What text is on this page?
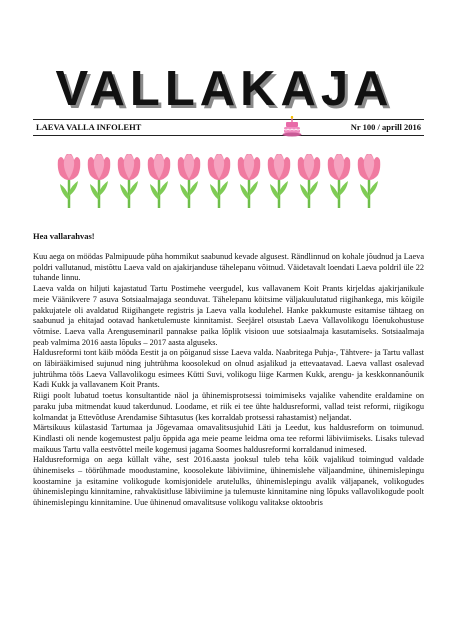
VALLAKAJA
LAEVA VALLA INFOLEHT	Nr 100 / aprill 2016
Hea vallarahvas!

Kuu aega on möödas Palmipuude püha hommikut saabunud kevade algusest. Rändlinnud on kohale jõudnud ja Laeva poldri vallutanud, mistõttu Laeva vald on ajakirjanduse tähelepanu võitnud. Väidetavalt loendati Laeva poldril üle 22 tuhande linnu.

Laeva valda on hiljuti kajastatud Tartu Postimehe veergudel, kus vallavanem Koit Prants kirjeldas ajakirjanikule meie Väänikvere 7 asuva Sotsiaalmajaga seonduvat. Tähelepanu köitsime väljakuulutatud riigihankega, mis kõigile pakkujatele oli avaldatud Riigihangete registris ja Laeva valla kodulehel. Hanke pakkumuste esitamise tähtaeg on saabunud ja ehitajad ootavad hanketulemuste kinnitamist. Seejärel otsustab Laeva Vallavolikogu lõenukohustuse võtmise. Laeva valla Arenguseminaril pannakse paika lõplik visioon uue sotsiaalmaja kasutamiseks. Sotsiaalmaja peab valmima 2016 aasta lõpuks – 2017 aasta alguseks.

Haldusreformi tont käib mööda Eestit ja on põiganud sisse Laeva valda. Naabritega Puhja-, Tähtvere- ja Tartu vallast on läbirääkimised sujunud ning juhtrühma koosolekud on olnud asjalikud ja ettevaatavad. Laeva vallast osalevad juhtrühma töös Laeva Vallavolikogu esimees Kütti Suvi, volikogu liige Karmen Kukk, arengu- ja keskkonnanõunik Kadi Kukk ja vallavanem Koit Prants.

Riigi poolt lubatud toetus konsultantide näol ja ühinemisprotsessi toimimiseks vajalike vahendite eraldamine on paraku juba mitmendat kuud takerdunud. Loodame, et riik ei tee ühte haldusreformi, vallad teist reformi, riigikogu kolmandat ja Ettevõtluse Arendamise Sihtasutus (kes korraldab protsessi rahastamist) neljandat.

Märtsikuus külastasid Tartumaa ja Jõgevamaa omavalitsusjuhid Läti ja Leedut, kus haldusreform on toimunud. Kindlasti oli nende kogemustest palju õppida aga meie peame leidma oma tee reformi läbiviimiseks. Lisaks tulevad maikuus Tartu valla eestvõttel meile kogemusi jagama Soomes haldusreformi korraldanud inimesed.

Haldusreformiga on aega küllalt vähe, sest 2016.aasta jooksul tuleb teha kõik vajalikud toimingud valdade ühinemiseks – töörühmade moodustamine, koosolekute läbiviimine, ühinemislehe väljaandmine, ühinemislepingu koostamine ja esitamine volikogude komisjonidele arutelulks, ühinemislepingu avalik väljapanek, volikogudes ühinemislepingu kinnitamine, rahvaküsitluse läbiviimine ja tulemuste kinnitamine ning lõpuks vallavolikogude poolt ühinemislepingu kinnitamine. Uue ühinenud omavalitsuse volikogu valitakse oktoobris
